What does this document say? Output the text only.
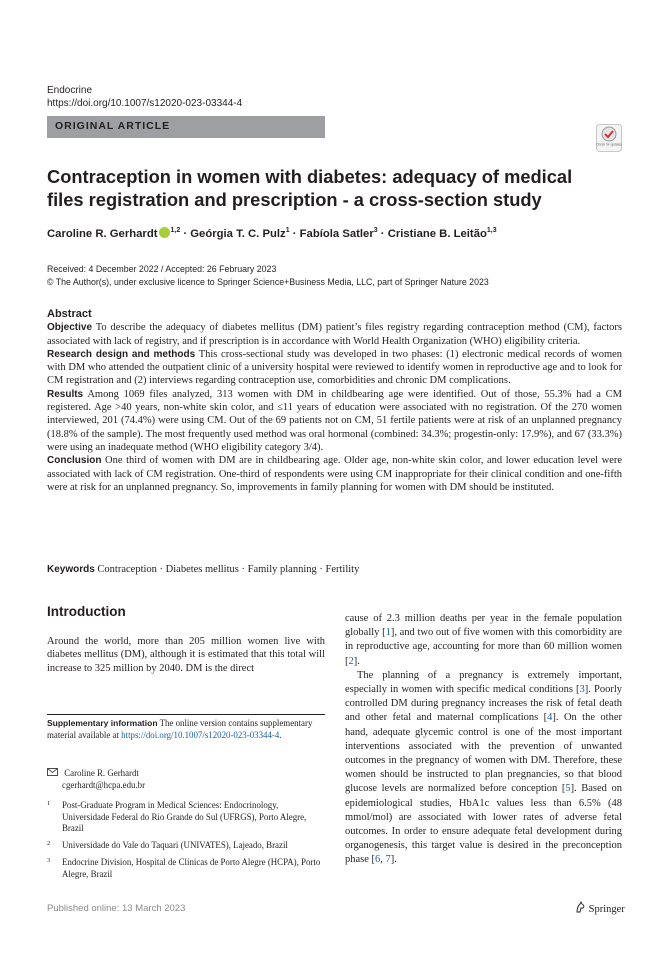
Endocrine
https://doi.org/10.1007/s12020-023-03344-4
ORIGINAL ARTICLE
Check for updates
Contraception in women with diabetes: adequacy of medical files registration and prescription - a cross-section study
Caroline R. Gerhardt $^{1,2}$ · Geórgia T. C. Pulz$^1$ · Fabíola Satler$^3$ · Cristiane B. Leitão$^{1,3}$
Received: 4 December 2022 / Accepted: 26 February 2023
© The Author(s), under exclusive licence to Springer Science+Business Media, LLC, part of Springer Nature 2023
Abstract
Objective To describe the adequacy of diabetes mellitus (DM) patient’s files registry regarding contraception method (CM), factors associated with lack of registry, and if prescription is in accordance with World Health Organization (WHO) eligibility criteria.
Research design and methods This cross-sectional study was developed in two phases: (1) electronic medical records of women with DM who attended the outpatient clinic of a university hospital were reviewed to identify women in reproductive age and to look for CM registration and (2) interviews regarding contraception use, comorbidities and chronic DM complications.
Results Among 1069 files analyzed, 313 women with DM in childbearing age were identified. Out of those, 55.3% had a CM registered. Age >40 years, non-white skin color, and ≤11 years of education were associated with no registration. Of the 270 women interviewed, 201 (74.4%) were using CM. Out of the 69 patients not on CM, 51 fertile patients were at risk of an unplanned pregnancy (18.8% of the sample). The most frequently used method was oral hormonal (combined: 34.3%; progestin-only: 17.9%), and 67 (33.3%) were using an inadequate method (WHO eligibility category 3/4).
Conclusion One third of women with DM are in childbearing age. Older age, non-white skin color, and lower education level were associated with lack of CM registration. One-third of respondents were using CM inappropriate for their clinical condition and one-fifth were at risk for an unplanned pregnancy. So, improvements in family planning for women with DM should be instituted.
Keywords Contraception · Diabetes mellitus · Family planning · Fertility
Introduction
Around the world, more than 205 million women live with diabetes mellitus (DM), although it is estimated that this total will increase to 325 million by 2040. DM is the direct

cause of 2.3 million deaths per year in the female population globally [1], and two out of five women with this comorbidity are in reproductive age, accounting for more than 60 million women [2].

The planning of a pregnancy is extremely important, especially in women with specific medical conditions [3]. Poorly controlled DM during pregnancy increases the risk of fetal death and other fetal and maternal complications [4]. On the other hand, adequate glycemic control is one of the most important interventions associated with the prevention of unwanted outcomes in the pregnancy of women with DM. Therefore, these women should be instructed to plan pregnancies, so that blood glucose levels are normalized before conception [5]. Based on epidemiological studies, HbA1c values less than 6.5% (48 mmol/mol) are associated with lower rates of adverse fetal outcomes. In order to ensure adequate fetal development during organogenesis, this target value is desired in the preconception phase [6, 7].

Supplementary information The online version contains supplementary material available at https://doi.org/10.1007/s12020-023-03344-4.
Caroline R. Gerhardt
cgerhardt@hcpa.edu.br
1 Post-Graduate Program in Medical Sciences: Endocrinology, Universidade Federal do Rio Grande do Sul (UFRGS), Porto Alegre, Brazil
2 Universidade do Vale do Taquari (UNIVATES), Lajeado, Brazil
3 Endocrine Division, Hospital de Clínicas de Porto Alegre (HCPA), Porto Alegre, Brazil
Published online: 13 March 2023	Springer
